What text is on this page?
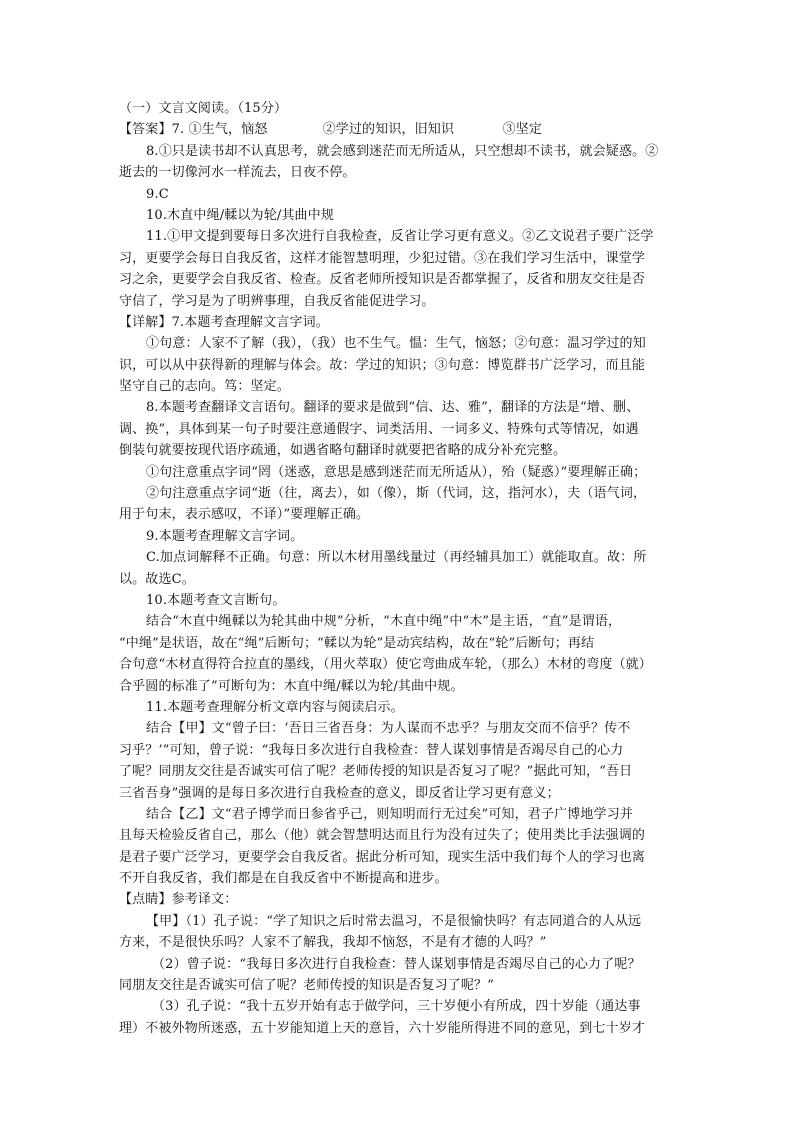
（一）文言文阅读。（15分）
【答案】7. ①生气，恼怒	②学过的知识，旧知识	③坚定
8.①只是读书却不认真思考，就会感到迷茫而无所适从，只空想却不读书，就会疑惑。②
逝去的一切像河水一样流去，日夜不停。
9.C
10.木直中绳/輮以为轮/其曲中规
11.①甲文提到要每日多次进行自我检查，反省让学习更有意义。②乙文说君子要广泛学
习，更要学会每日自我反省，这样才能智慧明理，少犯过错。③在我们学习生活中，课堂学
习之余，更要学会自我反省、检查。反省老师所授知识是否都掌握了，反省和朋友交往是否
守信了，学习是为了明辨事理，自我反省能促进学习。
【详解】7.本题考查理解文言字词。
①句意：人家不了解（我），（我）也不生气。愠：生气，恼怒；②句意：温习学过的知
识，可以从中获得新的理解与体会。故：学过的知识；③句意：博览群书广泛学习，而且能
坚守自己的志向。笃：坚定。
8.本题考查翻译文言语句。翻译的要求是做到“信、达、雅”，翻译的方法是“增、删、
调、换”，具体到某一句子时要注意通假字、词类活用、一词多义、特殊句式等情况，如遇
倒装句就要按现代语序疏通，如遇省略句翻译时就要把省略的成分补充完整。
①句注意重点字词“罔（迷惑，意思是感到迷茫而无所适从），殆（疑惑）”要理解正确；
②句注意重点字词“逝（往，离去），如（像），斯（代词，这，指河水），夫（语气词，
用于句末，表示感叹，不译）”要理解正确。
9.本题考查理解文言字词。
C.加点词解释不正确。句意：所以木材用墨线量过（再经辅具加工）就能取直。故：所
以。故选C。
10.本题考查文言断句。
结合“木直中绳輮以为轮其曲中规”分析，“木直中绳”中“木”是主语，“直”是谓语，
“中绳”是状语，故在“绳”后断句；“輮以为轮”是动宾结构，故在“轮”后断句；再结
合句意“木材直得符合拉直的墨线，（用火萃取）使它弯曲成车轮，（那么）木材的弯度（就）
合乎圆的标准了”可断句为：木直中绳/輮以为轮/其曲中规。
11.本题考查理解分析文章内容与阅读启示。
结合【甲】文“曾子曰：‘吾日三省吾身：为人谋而不忠乎？与朋友交而不信乎？传不
习乎？’”可知，曾子说：“我每日多次进行自我检查：替人谋划事情是否竭尽自己的心力
了呢？同朋友交往是否诚实可信了呢？老师传授的知识是否复习了呢？”据此可知，“吾日
三省吾身”强调的是每日多次进行自我检查的意义，即反省让学习更有意义；
结合【乙】文“君子博学而日参省乎己，则知明而行无过矣”可知，君子广博地学习并
且每天检验反省自己，那么（他）就会智慧明达而且行为没有过失了；使用类比手法强调的
是君子要广泛学习，更要学会自我反省。据此分析可知，现实生活中我们每个人的学习也离
不开自我反省，我们都是在自我反省中不断提高和进步。
【点睛】参考译文：
【甲】（1）孔子说：“学了知识之后时常去温习，不是很愉快吗？有志同道合的人从远
方来，不是很快乐吗？人家不了解我，我却不恼怒，不是有才德的人吗？”
（2）曾子说：“我每日多次进行自我检查：替人谋划事情是否竭尽自己的心力了呢？
同朋友交往是否诚实可信了呢？老师传授的知识是否复习了呢？”
（3）孔子说：“我十五岁开始有志于做学问，三十岁便小有所成，四十岁能（通达事
理）不被外物所迷惑，五十岁能知道上天的意旨，六十岁能所得进不同的意见，到七十岁才
